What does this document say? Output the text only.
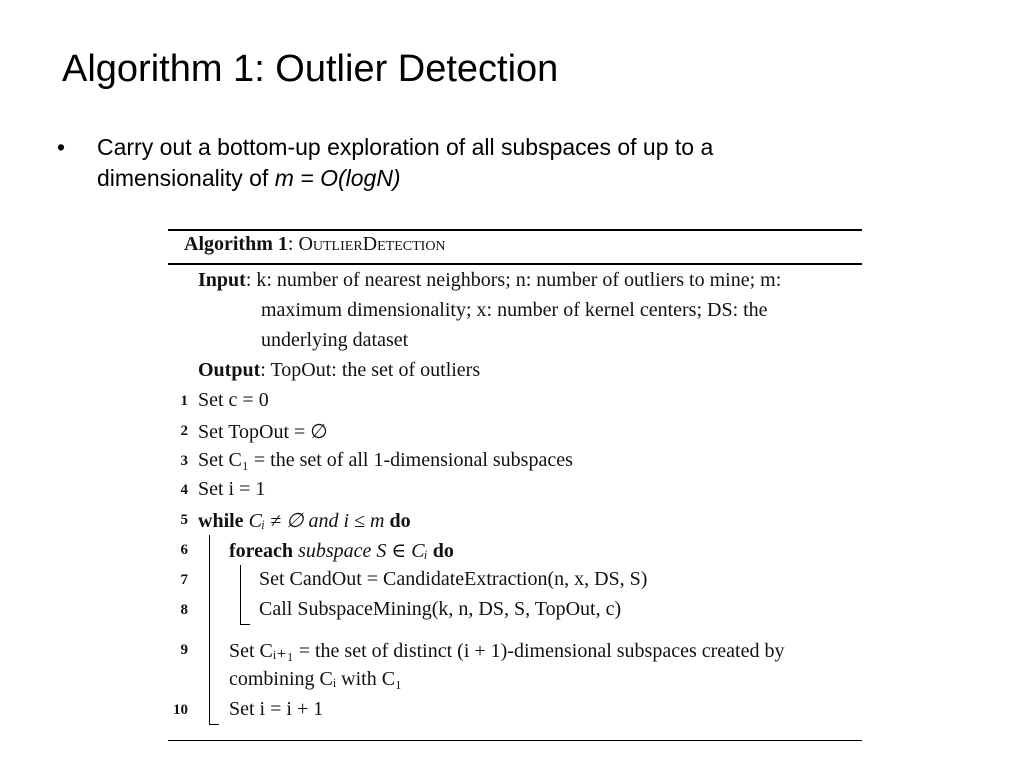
Algorithm 1: Outlier Detection
• Carry out a bottom-up exploration of all subspaces of up to a dimensionality of m = O(logN)
Algorithm 1: OutlierDetection
Input: k: number of nearest neighbors; n: number of outliers to mine; m:
maximum dimensionality; x: number of kernel centers; DS: the
underlying dataset
Output: TopOut: the set of outliers
1 Set c = 0
2 Set TopOut = ∅
3 Set C₁ = the set of all 1-dimensional subspaces
4 Set i = 1
5 while Cᵢ ≠ ∅ and i ≤ m do
6 foreach subspace S ∈ Cᵢ do
7	Set CandOut = CandidateExtraction(n, x, DS, S)
8	Call SubspaceMining(k, n, DS, S, TopOut, c)
9 Set Cᵢ₊₁ = the set of distinct (i + 1)-dimensional subspaces created by
combining Cᵢ with C₁
10 Set i = i + 1
